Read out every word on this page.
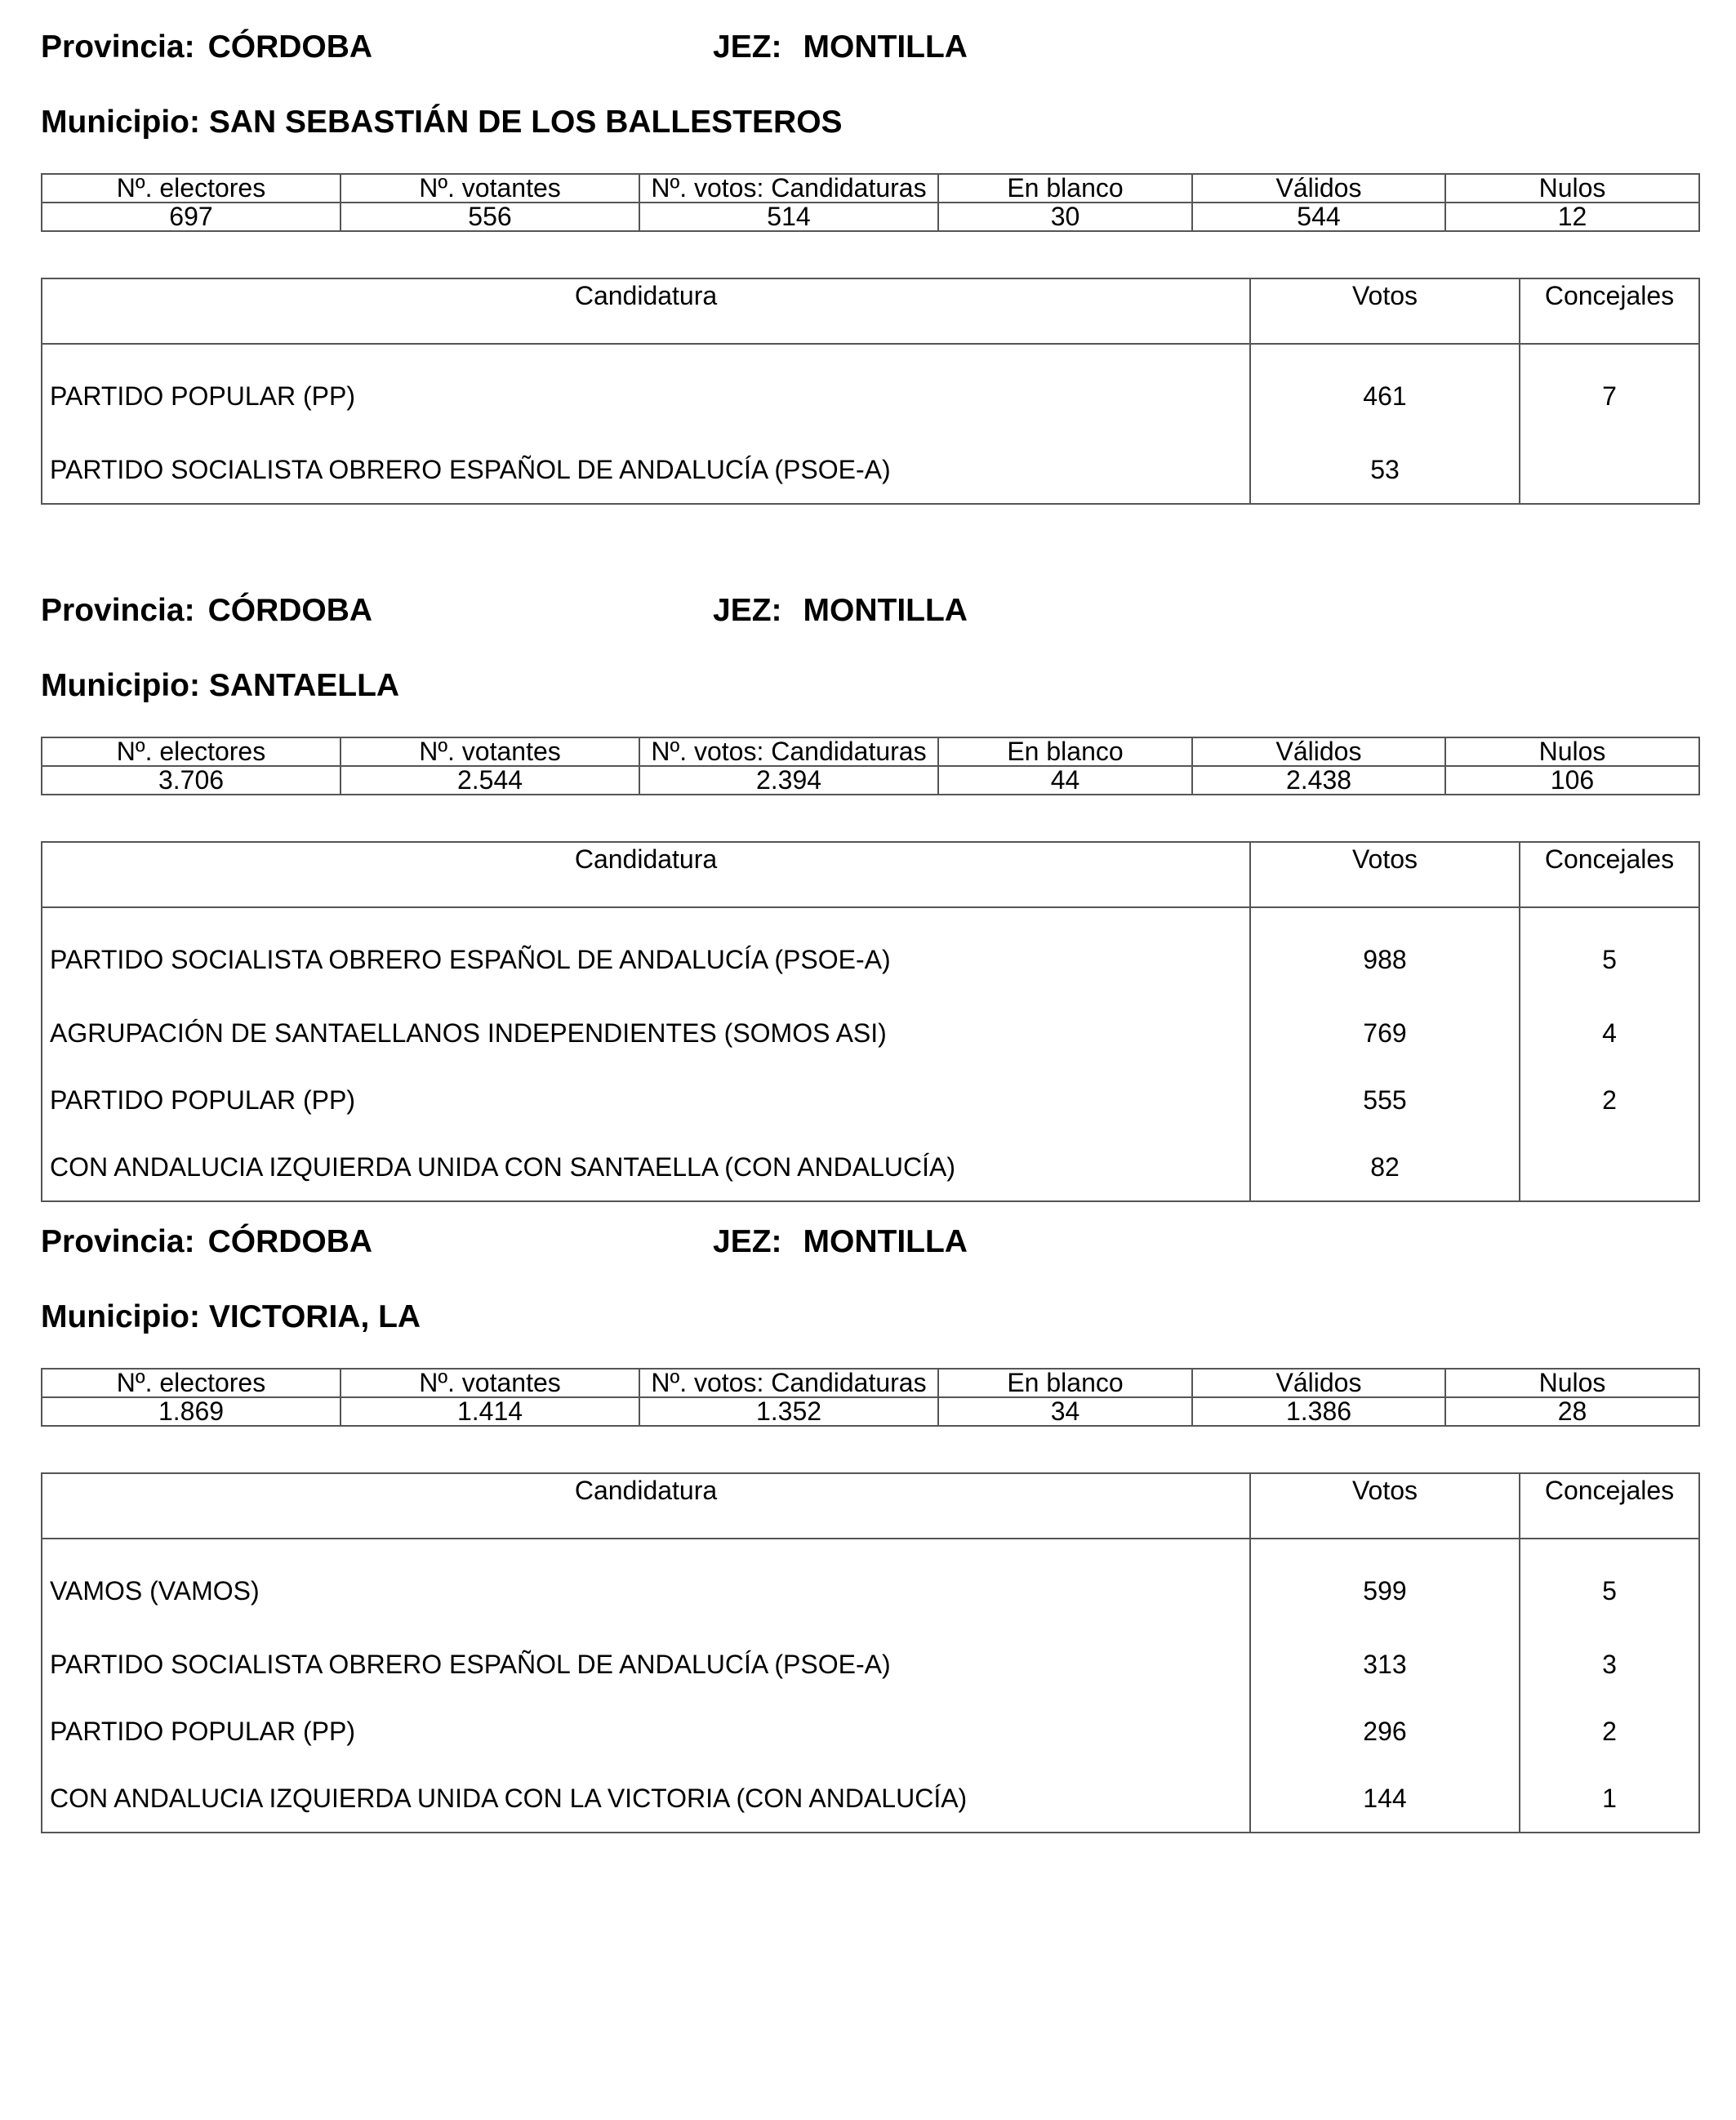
Provincia: CÓRDOBA	JEZ: MONTILLA
Municipio: SAN SEBASTIÁN DE LOS BALLESTEROS
Nº. electores	Nº. votantes	Nº. votos: Candidaturas	En blanco	Válidos	Nulos
697	556	514	30	544	12
Candidatura	Votos	Concejales
PARTIDO POPULAR (PP)	461	7
PARTIDO SOCIALISTA OBRERO ESPAÑOL DE ANDALUCÍA (PSOE-A)	53	
Provincia: CÓRDOBA	JEZ: MONTILLA
Municipio: SANTAELLA
Nº. electores	Nº. votantes	Nº. votos: Candidaturas	En blanco	Válidos	Nulos
3.706	2.544	2.394	44	2.438	106
Candidatura	Votos	Concejales
PARTIDO SOCIALISTA OBRERO ESPAÑOL DE ANDALUCÍA (PSOE-A)	988	5
AGRUPACIÓN DE SANTAELLANOS INDEPENDIENTES (SOMOS ASI)	769	4
PARTIDO POPULAR (PP)	555	2
CON ANDALUCIA IZQUIERDA UNIDA CON SANTAELLA (CON ANDALUCÍA)	82	
Provincia: CÓRDOBA	JEZ: MONTILLA
Municipio: VICTORIA, LA
Nº. electores	Nº. votantes	Nº. votos: Candidaturas	En blanco	Válidos	Nulos
1.869	1.414	1.352	34	1.386	28
Candidatura	Votos	Concejales
VAMOS (VAMOS)	599	5
PARTIDO SOCIALISTA OBRERO ESPAÑOL DE ANDALUCÍA (PSOE-A)	313	3
PARTIDO POPULAR (PP)	296	2
CON ANDALUCIA IZQUIERDA UNIDA CON LA VICTORIA (CON ANDALUCÍA)	144	1
